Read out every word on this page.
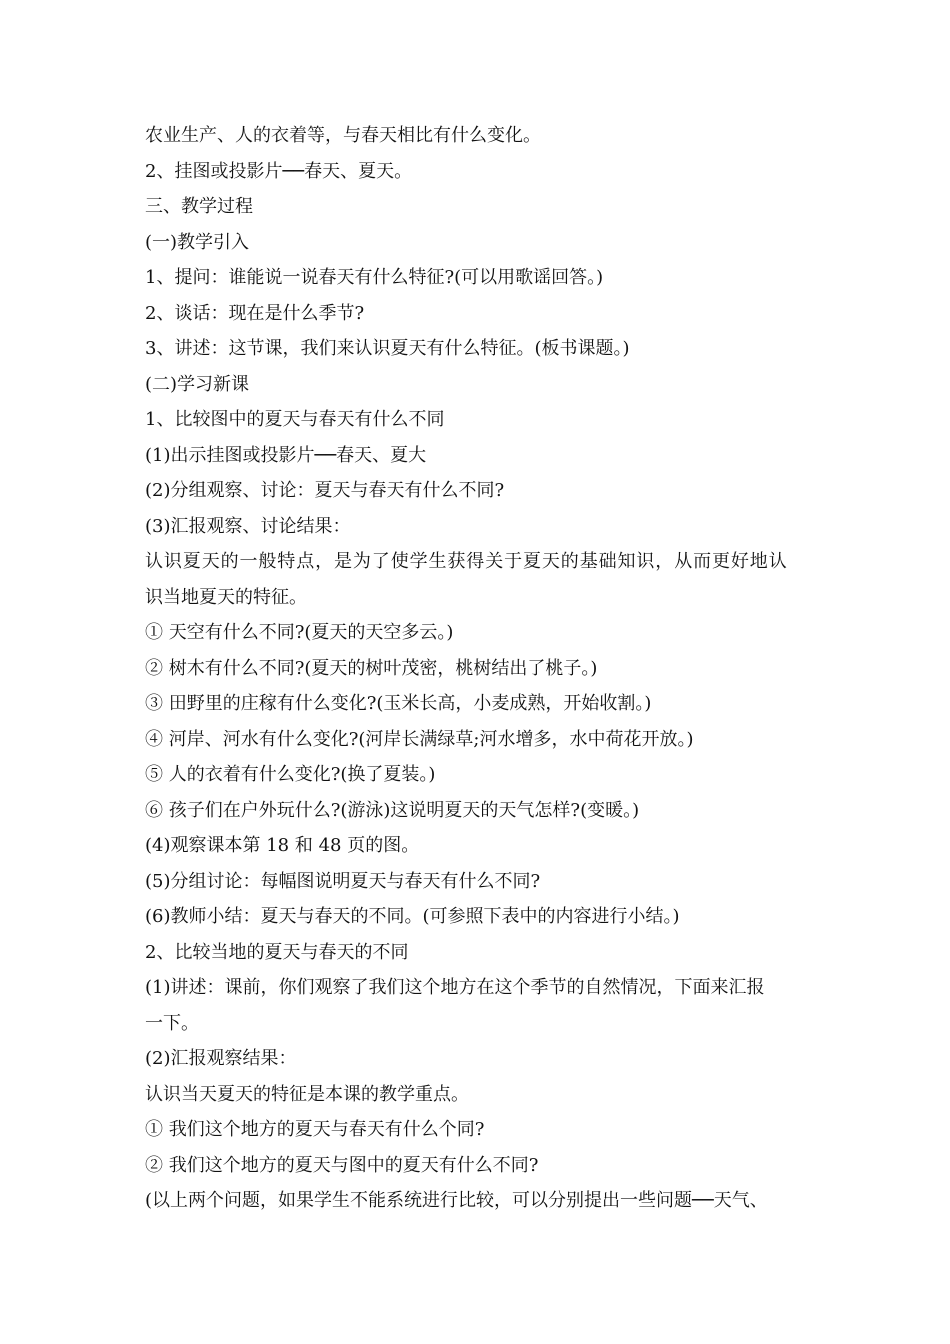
农业生产、人的衣着等，与春天相比有什么变化。
2、挂图或投影片──春天、夏天。
三、教学过程
(一)教学引入
1、提问：谁能说一说春天有什么特征?(可以用歌谣回答。)
2、谈话：现在是什么季节?
3、讲述：这节课，我们来认识夏天有什么特征。(板书课题。)
(二)学习新课
1、比较图中的夏天与春天有什么不同
(1)出示挂图或投影片──春天、夏大
(2)分组观察、讨论：夏天与春天有什么不同?
(3)汇报观察、讨论结果：
认识夏天的一般特点，是为了使学生获得关于夏天的基础知识，从而更好地认
识当地夏天的特征。
① 天空有什么不同?(夏天的天空多云。)
② 树木有什么不同?(夏天的树叶茂密，桃树结出了桃子。)
③ 田野里的庄稼有什么变化?(玉米长高，小麦成熟，开始收割。)
④ 河岸、河水有什么变化?(河岸长满绿草;河水增多，水中荷花开放。)
⑤ 人的衣着有什么变化?(换了夏装。)
⑥ 孩子们在户外玩什么?(游泳)这说明夏天的天气怎样?(变暖。)
(4)观察课本第 18 和 48 页的图。
(5)分组讨论：每幅图说明夏天与春天有什么不同?
(6)教师小结：夏天与春天的不同。(可参照下表中的内容进行小结。)
2、比较当地的夏天与春天的不同
(1)讲述：课前，你们观察了我们这个地方在这个季节的自然情况，下面来汇报
一下。
(2)汇报观察结果：
认识当天夏天的特征是本课的教学重点。
① 我们这个地方的夏天与春天有什么个同?
② 我们这个地方的夏天与图中的夏天有什么不同?
(以上两个问题，如果学生不能系统进行比较，可以分别提出一些问题──天气、
